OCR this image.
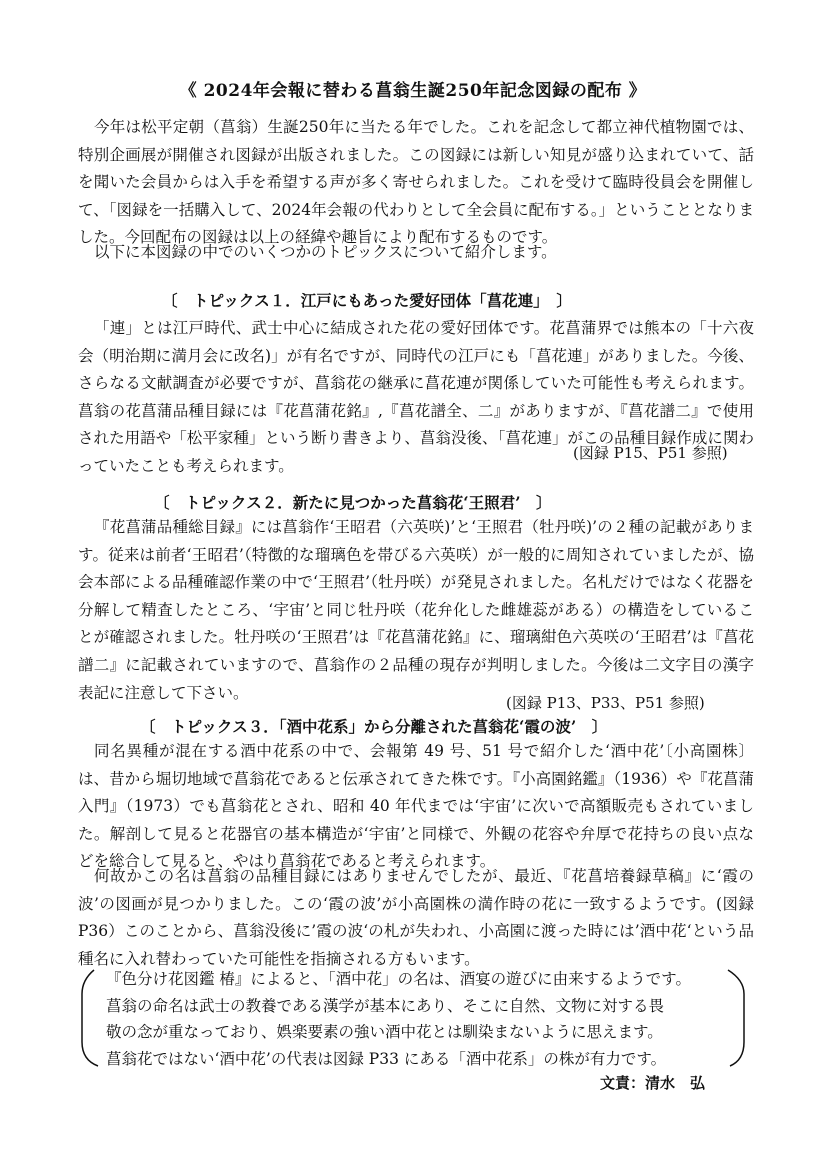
《 2024年会報に替わる菖翁生誕250年記念図録の配布 》

今年は松平定朝（菖翁）生誕250年に当たる年でした。これを記念して都立神代植物園では、特別企画展が開催され図録が出版されました。この図録には新しい知見が盛り込まれていて、話を聞いた会員からは入手を希望する声が多く寄せられました。これを受けて臨時役員会を開催して、「図録を一括購入して、2024年会報の代わりとして全会員に配布する。」ということとなりました。今回配布の図録は以上の経緯や趣旨により配布するものです。

以下に本図録の中でのいくつかのトピックスについて紹介します。

〔　トピックス１．江戸にもあった愛好団体「菖花連」　〕

「連」とは江戸時代、武士中心に結成された花の愛好団体です。花菖蒲界では熊本の「十六夜会（明治期に満月会に改名)」が有名ですが、同時代の江戸にも「菖花連」がありました。今後、さらなる文献調査が必要ですが、菖翁花の継承に菖花連が関係していた可能性も考えられます。菖翁の花菖蒲品種目録には『花菖蒲花銘』,『菖花譜全、二』がありますが、『菖花譜二』で使用された用語や「松平家種」という断り書きより、菖翁没後、「菖花連」がこの品種目録作成に関わっていたことも考えられます。

(図録 P15、P51 参照)
〔　トピックス２．新たに見つかった菖翁花‘王照君’　〕

『花菖蒲品種総目録』には菖翁作‘王昭君（六英咲)’と‘王照君（牡丹咲)’の２種の記載があります。従来は前者‘王昭君’（特徴的な瑠璃色を帯びる六英咲）が一般的に周知されていましたが、協会本部による品種確認作業の中で‘王照君’（牡丹咲）が発見されました。名札だけではなく花器を分解して精査したところ、‘宇宙’と同じ牡丹咲（花弁化した雌雄蕊がある）の構造をしていることが確認されました。牡丹咲の‘王照君’は『花菖蒲花銘』に、瑠璃紺色六英咲の‘王昭君’は『菖花譜二』に記載されていますので、菖翁作の２品種の現存が判明しました。今後は二文字目の漢字表記に注意して下さい。

(図録 P13、P33、P51 参照)
〔　トピックス３．「酒中花系」から分離された菖翁花‘霞の波’　〕

同名異種が混在する酒中花系の中で、会報第 49 号、51 号で紹介した‘酒中花’〔小高園株〕は、昔から堀切地域で菖翁花であると伝承されてきた株です。『小高園銘鑑』（1936）や『花菖蒲入門』（1973）でも菖翁花とされ、昭和 40 年代までは‘宇宙’に次いで高額販売もされていました。解剖して見ると花器官の基本構造が‘宇宙’と同様で、外観の花容や弁厚で花持ちの良い点などを総合して見ると、やはり菖翁花であると考えられます。

何故かこの名は菖翁の品種目録にはありませんでしたが、最近、『花菖培養録草稿』に‘霞の波’の図画が見つかりました。この‘霞の波’が小高園株の満作時の花に一致するようです。(図録 P36）このことから、菖翁没後に’霞の波‘の札が失われ、小高園に渡った時には’酒中花‘という品種名に入れ替わっていた可能性を指摘される方もいます。

『色分け花図鑑 椿』によると、「酒中花」の名は、酒宴の遊びに由来するようです。
菖翁の命名は武士の教養である漢学が基本にあり、そこに自然、文物に対する畏
敬の念が重なっており、娯楽要素の強い酒中花とは馴染まないように思えます。
菖翁花ではない‘酒中花’の代表は図録 P33 にある「酒中花系」の株が有力です。
文責：清水　弘
